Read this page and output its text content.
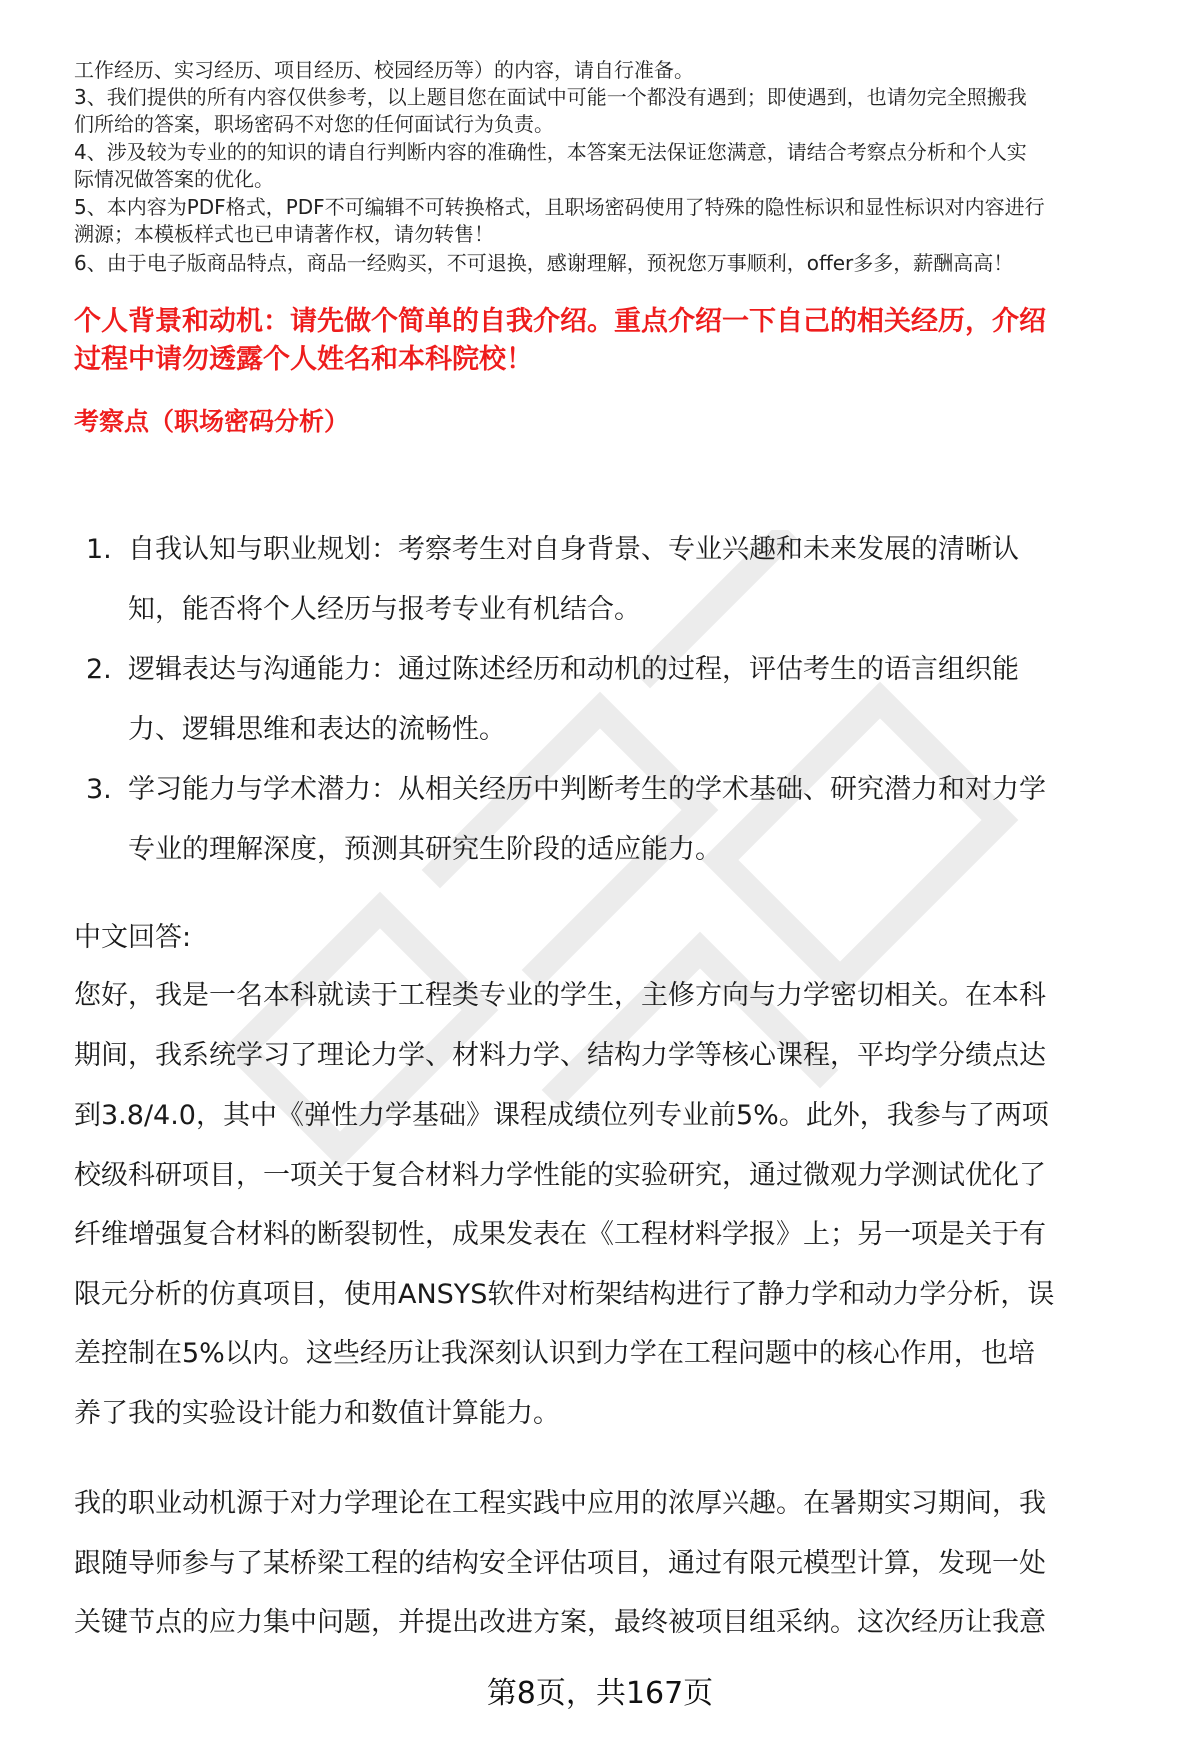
工作经历、实习经历、项目经历、校园经历等）的内容，请自行准备。
3、我们提供的所有内容仅供参考，以上题目您在面试中可能一个都没有遇到；即使遇到，也请勿完全照搬我
们所给的答案，职场密码不对您的任何面试行为负责。
4、涉及较为专业的的知识的请自行判断内容的准确性，本答案无法保证您满意，请结合考察点分析和个人实
际情况做答案的优化。
5、本内容为PDF格式，PDF不可编辑不可转换格式，且职场密码使用了特殊的隐性标识和显性标识对内容进行
溯源；本模板样式也已申请著作权，请勿转售！
6、由于电子版商品特点，商品一经购买，不可退换，感谢理解，预祝您万事顺利，offer多多，薪酬高高！
个人背景和动机：请先做个简单的自我介绍。重点介绍一下自己的相关经历，介绍
过程中请勿透露个人姓名和本科院校！
考察点（职场密码分析）
1. 自我认知与职业规划：考察考生对自身背景、专业兴趣和未来发展的清晰认
知，能否将个人经历与报考专业有机结合。
2. 逻辑表达与沟通能力：通过陈述经历和动机的过程，评估考生的语言组织能
力、逻辑思维和表达的流畅性。
3. 学习能力与学术潜力：从相关经历中判断考生的学术基础、研究潜力和对力学
专业的理解深度，预测其研究生阶段的适应能力。
中文回答:
您好，我是一名本科就读于工程类专业的学生，主修方向与力学密切相关。在本科
期间，我系统学习了理论力学、材料力学、结构力学等核心课程，平均学分绩点达
到3.8/4.0，其中《弹性力学基础》课程成绩位列专业前5%。此外，我参与了两项
校级科研项目，一项关于复合材料力学性能的实验研究，通过微观力学测试优化了
纤维增强复合材料的断裂韧性，成果发表在《工程材料学报》上；另一项是关于有
限元分析的仿真项目，使用ANSYS软件对桁架结构进行了静力学和动力学分析，误
差控制在5%以内。这些经历让我深刻认识到力学在工程问题中的核心作用，也培
养了我的实验设计能力和数值计算能力。
我的职业动机源于对力学理论在工程实践中应用的浓厚兴趣。在暑期实习期间，我
跟随导师参与了某桥梁工程的结构安全评估项目，通过有限元模型计算，发现一处
关键节点的应力集中问题，并提出改进方案，最终被项目组采纳。这次经历让我意
第8页，共167页
